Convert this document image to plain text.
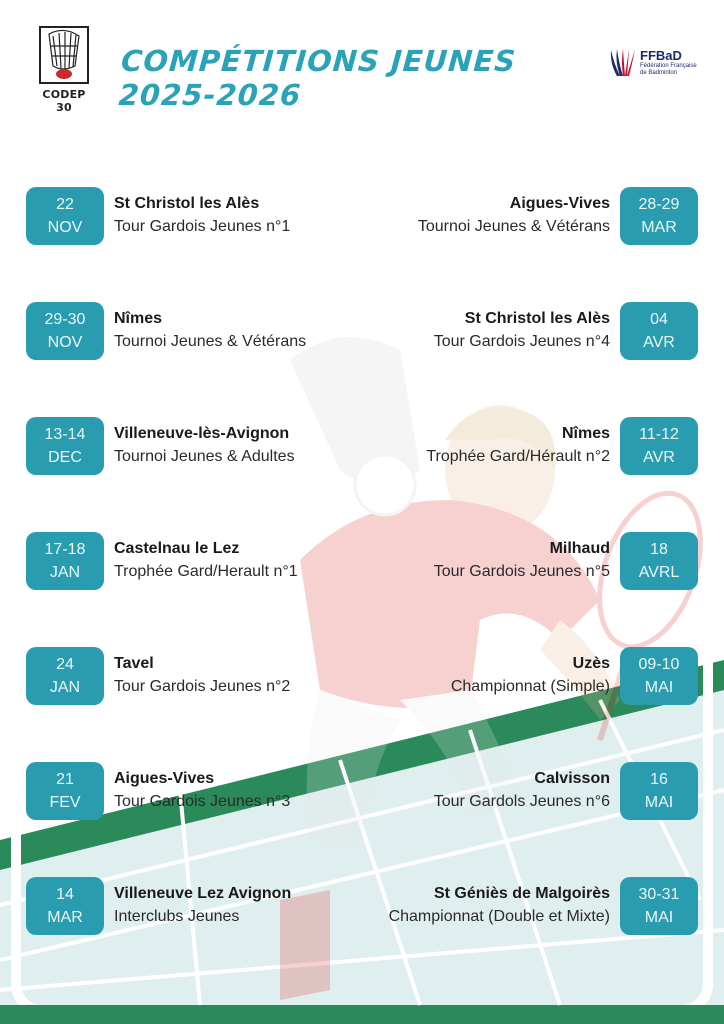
CODEP 30
COMPÉTITIONS JEUNES 2025-2026
FFBaD
Fédération Française de Badminton
22
NOV
St Christol les Alès
Tour Gardois Jeunes n°1
29-30
NOV
Nîmes
Tournoi Jeunes & Vétérans
13-14
DEC
Villeneuve-lès-Avignon
Tournoi Jeunes & Adultes
17-18
JAN
Castelnau le Lez
Trophée Gard/Herault n°1
24
JAN
Tavel
Tour Gardois Jeunes n°2
21
FEV
Aigues-Vives
Tour Gardois Jeunes n°3
14
MAR
Villeneuve Lez Avignon
Interclubs Jeunes
28-29
MAR
Aigues-Vives
Tournoi Jeunes & Vétérans
04
AVR
St Christol les Alès
Tour Gardois Jeunes n°4
11-12
AVR
Nîmes
Trophée Gard/Hérault n°2
18
AVRL
Milhaud
Tour Gardois Jeunes n°5
09-10
MAI
Uzès
Championnat (Simple)
16
MAI
Calvisson
Tour Gardols Jeunes n°6
30-31
MAI
St Géniès de Malgoirès
Championnat (Double et Mixte)
